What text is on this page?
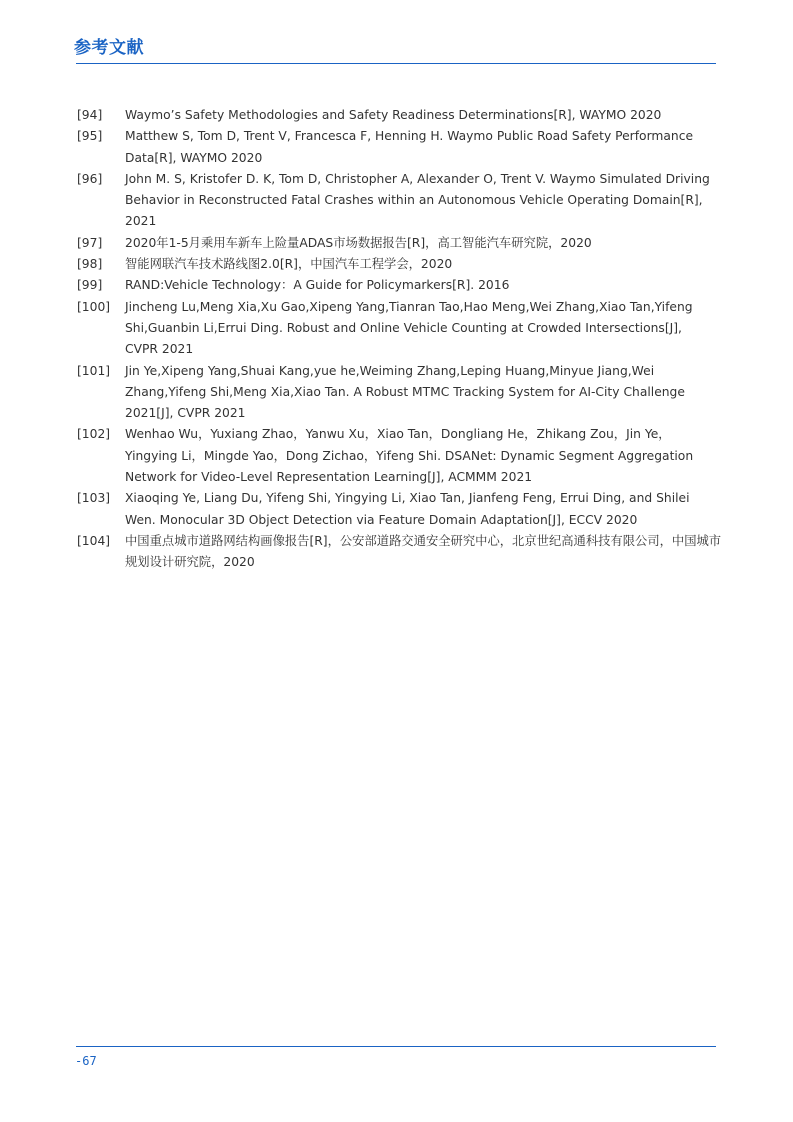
参考文献
[94]	Waymo’s Safety Methodologies and Safety Readiness Determinations[R], WAYMO 2020
[95]	Matthew S, Tom D, Trent V, Francesca F, Henning H. Waymo Public Road Safety Performance
Data[R], WAYMO 2020
[96]	John M. S, Kristofer D. K, Tom D, Christopher A, Alexander O, Trent V. Waymo Simulated Driving
Behavior in Reconstructed Fatal Crashes within an Autonomous Vehicle Operating Domain[R],
2021
[97]	2020年1-5月乘用车新车上险量ADAS市场数据报告[R]，高工智能汽车研究院，2020
[98]	智能网联汽车技术路线图2.0[R]，中国汽车工程学会，2020
[99]	RAND:Vehicle Technology：A Guide for Policymarkers[R]. 2016
[100]	Jincheng Lu,Meng Xia,Xu Gao,Xipeng Yang,Tianran Tao,Hao Meng,Wei Zhang,Xiao Tan,Yifeng
Shi,Guanbin Li,Errui Ding. Robust and Online Vehicle Counting at Crowded Intersections[J],
CVPR 2021
[101]	Jin Ye,Xipeng Yang,Shuai Kang,yue he,Weiming Zhang,Leping Huang,Minyue Jiang,Wei
Zhang,Yifeng Shi,Meng Xia,Xiao Tan. A Robust MTMC Tracking System for AI-City Challenge
2021[J], CVPR 2021
[102]	Wenhao Wu，Yuxiang Zhao，Yanwu Xu，Xiao Tan，Dongliang He，Zhikang Zou，Jin Ye，
Yingying Li，Mingde Yao，Dong Zichao，Yifeng Shi. DSANet: Dynamic Segment Aggregation
Network for Video-Level Representation Learning[J], ACMMM 2021
[103]	Xiaoqing Ye, Liang Du, Yifeng Shi, Yingying Li, Xiao Tan, Jianfeng Feng, Errui Ding, and Shilei
Wen. Monocular 3D Object Detection via Feature Domain Adaptation[J], ECCV 2020
[104]	中国重点城市道路网结构画像报告[R]，公安部道路交通安全研究中心，北京世纪高通科技有限公司，中国城市
规划设计研究院，2020
-67
